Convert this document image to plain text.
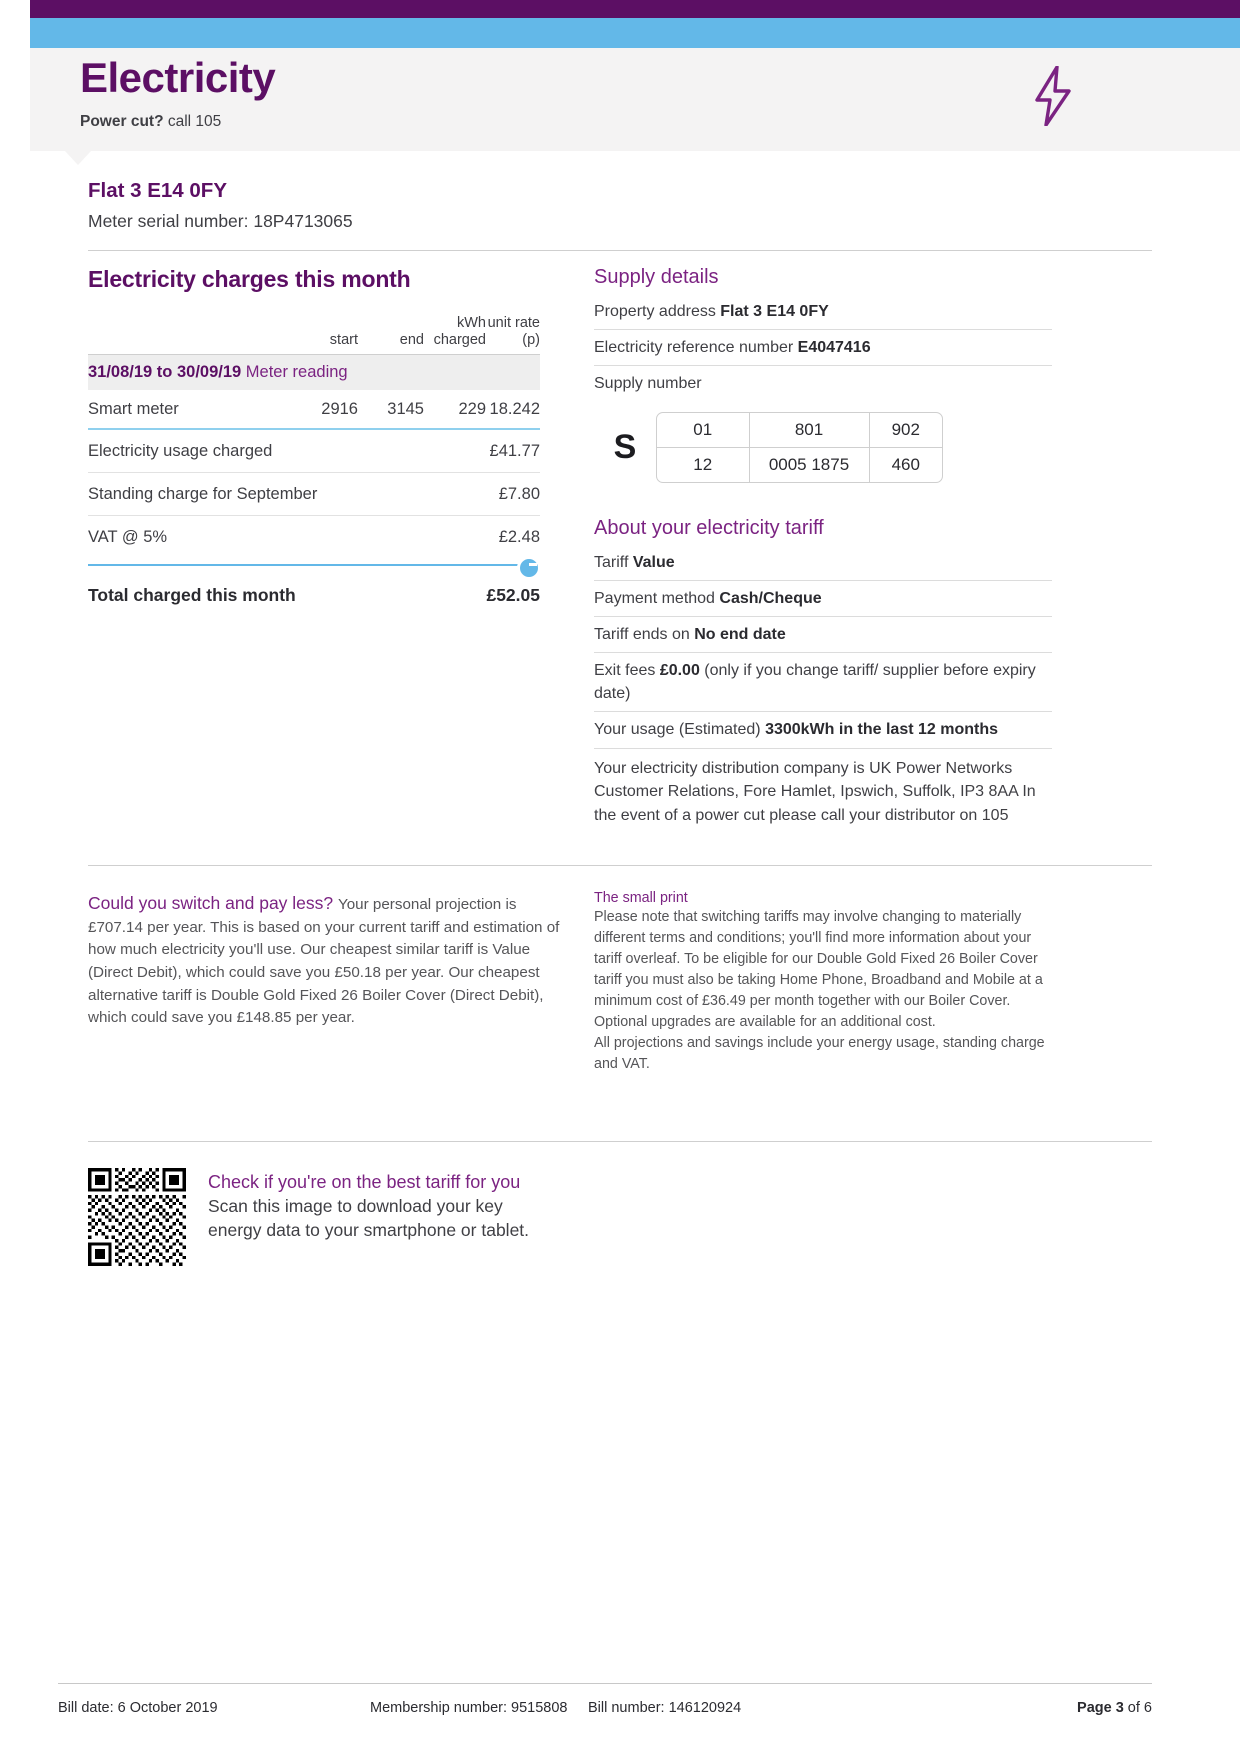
Electricity
Power cut? call 105
Flat 3 E14 0FY
Meter serial number: 18P4713065
Electricity charges this month
	start	end	kWh
charged	unit rate
(p)
31/08/19 to 30/09/19 Meter reading				
Smart meter	2916	3145	229	18.242
Electricity usage charged			£41.77	
Standing charge for September			£7.80	
VAT @ 5%			£2.48	
Total charged this month	£52.05
Supply details
Property address Flat 3 E14 0FY
Electricity reference number E4047416
Supply number
S	01	801	902
12	0005 1875	460
About your electricity tariff
Tariff Value
Payment method Cash/Cheque
Tariff ends on No end date
Exit fees £0.00 (only if you change tariff/ supplier before expiry date)
Your usage (Estimated) 3300kWh in the last 12 months
Your electricity distribution company is UK Power Networks Customer Relations, Fore Hamlet, Ipswich, Suffolk, IP3 8AA In the event of a power cut please call your distributor on 105

Could you switch and pay less? Your personal projection is £707.14 per year. This is based on your current tariff and estimation of how much electricity you'll use. Our cheapest similar tariff is Value (Direct Debit), which could save you £50.18 per year. Our cheapest alternative tariff is Double Gold Fixed 26 Boiler Cover (Direct Debit), which could save you £148.85 per year.

The small print

Please note that switching tariffs may involve changing to materially different terms and conditions; you'll find more information about your tariff overleaf. To be eligible for our Double Gold Fixed 26 Boiler Cover tariff you must also be taking Home Phone, Broadband and Mobile at a minimum cost of £36.49 per month together with our Boiler Cover. Optional upgrades are available for an additional cost.

All projections and savings include your energy usage, standing charge and VAT.

Check if you're on the best tariff for you
Scan this image to download your key
energy data to your smartphone or tablet.
Bill date: 6 October 2019	Membership number: 9515808	Bill number: 146120924	Page 3 of 6
